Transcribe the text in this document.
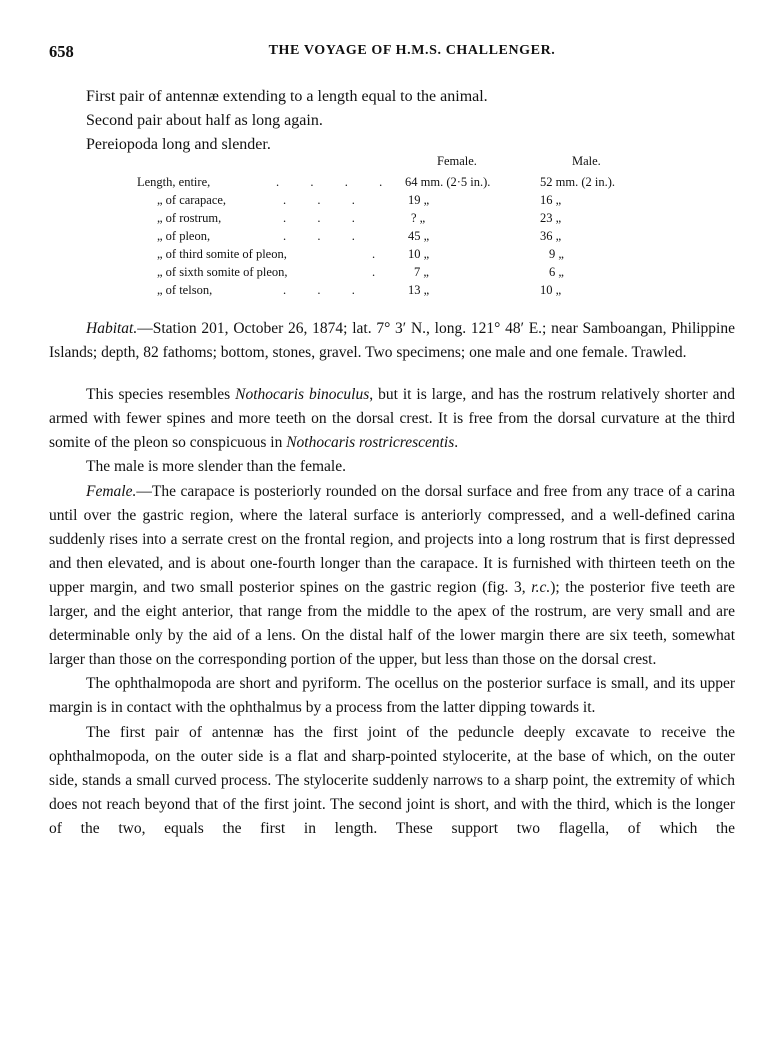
658	THE VOYAGE OF H.M.S. CHALLENGER.
First pair of antennæ extending to a length equal to the animal.
Second pair about half as long again.
Pereiopoda long and slender.
Female.	Male.
Length, entire,	.          .          .          . 64 mm. (2·5 in.).	52 mm. (2 in.).
„ of carapace,	.          .          .	19 „	16 „
„ of rostrum,	.          .          .	? „	23 „
„ of pleon,	.          .          .	45 „	36 „
„ of third somite of pleon,	.	10 „	9 „
„ of sixth somite of pleon,	.	7 „	6 „
„ of telson,	.          .          .	13 „	10 „

Habitat.—Station 201, October 26, 1874; lat. 7° 3′ N., long. 121° 48′ E.; near Samboangan, Philippine Islands; depth, 82 fathoms; bottom, stones, gravel. Two specimens; one male and one female. Trawled.

This species resembles Nothocaris binoculus, but it is large, and has the rostrum relatively shorter and armed with fewer spines and more teeth on the dorsal crest. It is free from the dorsal curvature at the third somite of the pleon so conspicuous in Nothocaris rostricrescentis.

The male is more slender than the female.

Female.—The carapace is posteriorly rounded on the dorsal surface and free from any trace of a carina until over the gastric region, where the lateral surface is anteriorly compressed, and a well-defined carina suddenly rises into a serrate crest on the frontal region, and projects into a long rostrum that is first depressed and then elevated, and is about one-fourth longer than the carapace. It is furnished with thirteen teeth on the upper margin, and two small posterior spines on the gastric region (fig. 3, r.c.); the posterior five teeth are larger, and the eight anterior, that range from the middle to the apex of the rostrum, are very small and are determinable only by the aid of a lens. On the distal half of the lower margin there are six teeth, somewhat larger than those on the corresponding portion of the upper, but less than those on the dorsal crest.

The ophthalmopoda are short and pyriform. The ocellus on the posterior surface is small, and its upper margin is in contact with the ophthalmus by a process from the latter dipping towards it.

The first pair of antennæ has the first joint of the peduncle deeply excavate to receive the ophthalmopoda, on the outer side is a flat and sharp-pointed stylocerite, at the base of which, on the outer side, stands a small curved process. The stylocerite suddenly narrows to a sharp point, the extremity of which does not reach beyond that of the first joint. The second joint is short, and with the third, which is the longer of the two, equals the first in length. These support two flagella, of which the
